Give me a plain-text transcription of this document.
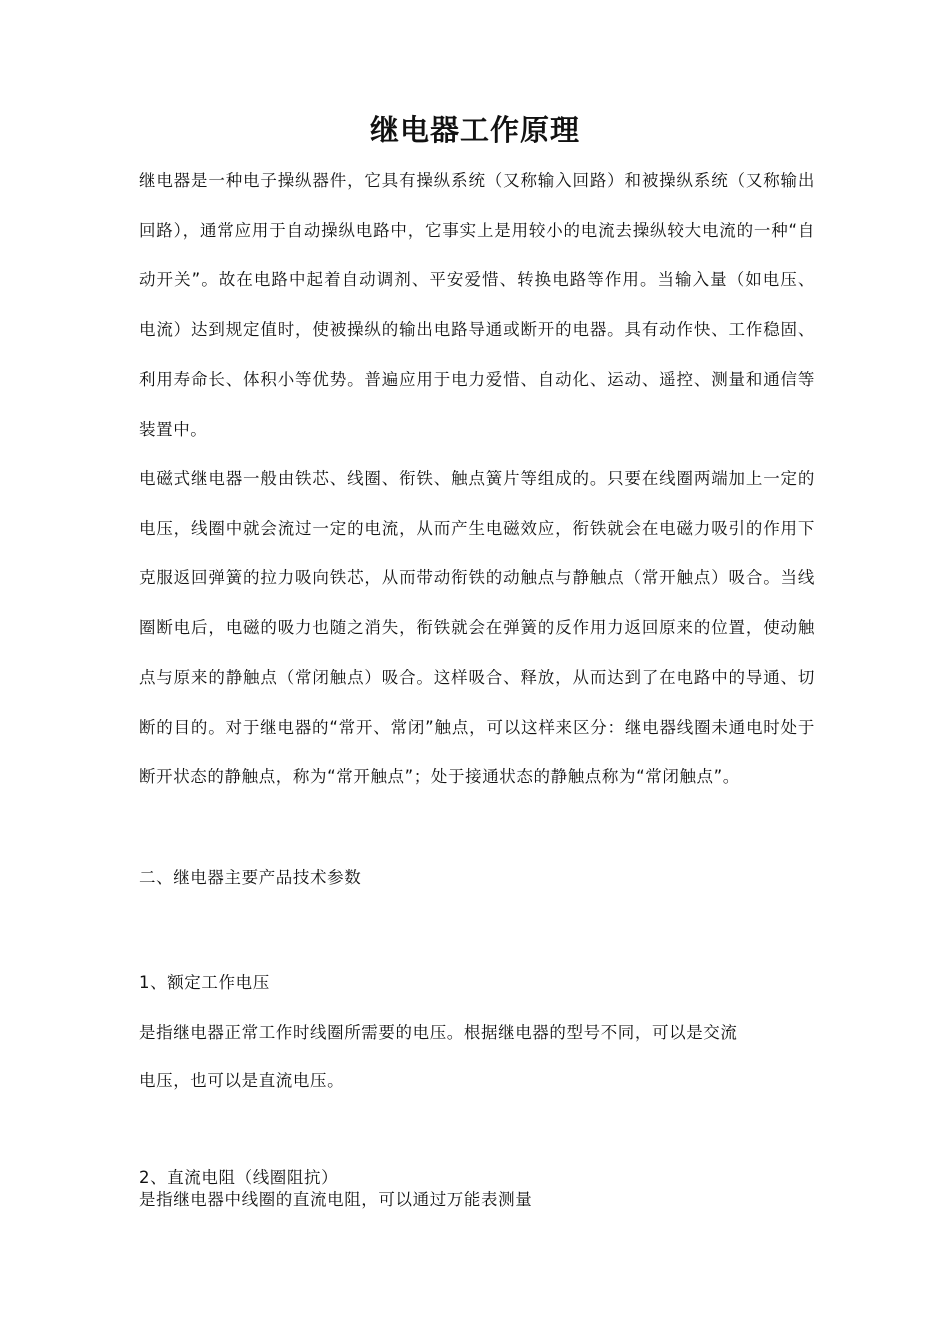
继电器工作原理

继电器是一种电子操纵器件，它具有操纵系统（又称输入回路）和被操纵系统（又称输出回路），通常应用于自动操纵电路中，它事实上是用较小的电流去操纵较大电流的一种“自动开关”。故在电路中起着自动调剂、平安爱惜、转换电路等作用。当输入量（如电压、电流）达到规定值时，使被操纵的输出电路导通或断开的电器。具有动作快、工作稳固、利用寿命长、体积小等优势。普遍应用于电力爱惜、自动化、运动、遥控、测量和通信等装置中。

电磁式继电器一般由铁芯、线圈、衔铁、触点簧片等组成的。只要在线圈两端加上一定的电压，线圈中就会流过一定的电流，从而产生电磁效应，衔铁就会在电磁力吸引的作用下克服返回弹簧的拉力吸向铁芯，从而带动衔铁的动触点与静触点（常开触点）吸合。当线圈断电后，电磁的吸力也随之消失，衔铁就会在弹簧的反作用力返回原来的位置，使动触点与原来的静触点（常闭触点）吸合。这样吸合、释放，从而达到了在电路中的导通、切断的目的。对于继电器的“常开、常闭”触点，可以这样来区分：继电器线圈未通电时处于断开状态的静触点，称为“常开触点”；处于接通状态的静触点称为“常闭触点”。

二、继电器主要产品技术参数

1、额定工作电压

是指继电器正常工作时线圈所需要的电压。根据继电器的型号不同，可以是交流

电压，也可以是直流电压。

2、直流电阻（线圈阻抗）

是指继电器中线圈的直流电阻，可以通过万能表测量
